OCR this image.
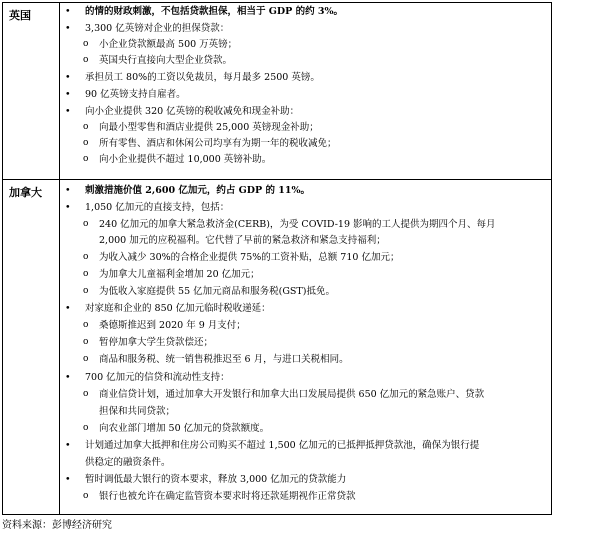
英国	• 的情的财政刺激，不包括贷款担保，相当于 GDP 的约 3%。
• 3,300 亿英镑对企业的担保贷款：
o 小企业贷款额最高 500 万英镑；
o 英国央行直接向大型企业贷款。
• 承担员工 80%的工资以免裁员，每月最多 2500 英镑。
• 90 亿英镑支持自雇者。
• 向小企业提供 320 亿英镑的税收减免和现金补助：
o 向最小型零售和酒店业提供 25,000 英镑现金补助；
o 所有零售、酒店和休闲公司均享有为期一年的税收减免；
o 向小企业提供不超过 10,000 英镑补助。
加拿大 • 刺激措施价值 2,600 亿加元，约占 GDP 的 11%。
• 1,050 亿加元的直接支持，包括：
o 240 亿加元的加拿大紧急救济金(CERB)，为受 COVID-19 影响的工人提供为期四个月、每月
2,000 加元的应税福利。它代替了早前的紧急救济和紧急支持福利；
o 为收入减少 30%的合格企业提供 75%的工资补贴，总额 710 亿加元；
o 为加拿大儿童福利金增加 20 亿加元；
o 为低收入家庭提供 55 亿加元商品和服务税(GST)抵免。
• 对家庭和企业的 850 亿加元临时税收递延：
o 桑德斯推迟到 2020 年 9 月支付；
o 暂停加拿大学生贷款偿还；
o 商品和服务税、统一销售税推迟至 6 月，与进口关税相同。
• 700 亿加元的信贷和流动性支持：
o 商业信贷计划，通过加拿大开发银行和加拿大出口发展局提供 650 亿加元的紧急账户、贷款
担保和共同贷款；
o 向农业部门增加 50 亿加元的贷款额度。
• 计划通过加拿大抵押和住房公司购买不超过 1,500 亿加元的已抵押抵押贷款池，确保为银行提
供稳定的融资条件。
• 暂时调低最大银行的资本要求，释放 3,000 亿加元的贷款能力
o 银行也被允许在确定监管资本要求时将还款延期视作正常贷款
资料来源：彭博经济研究
